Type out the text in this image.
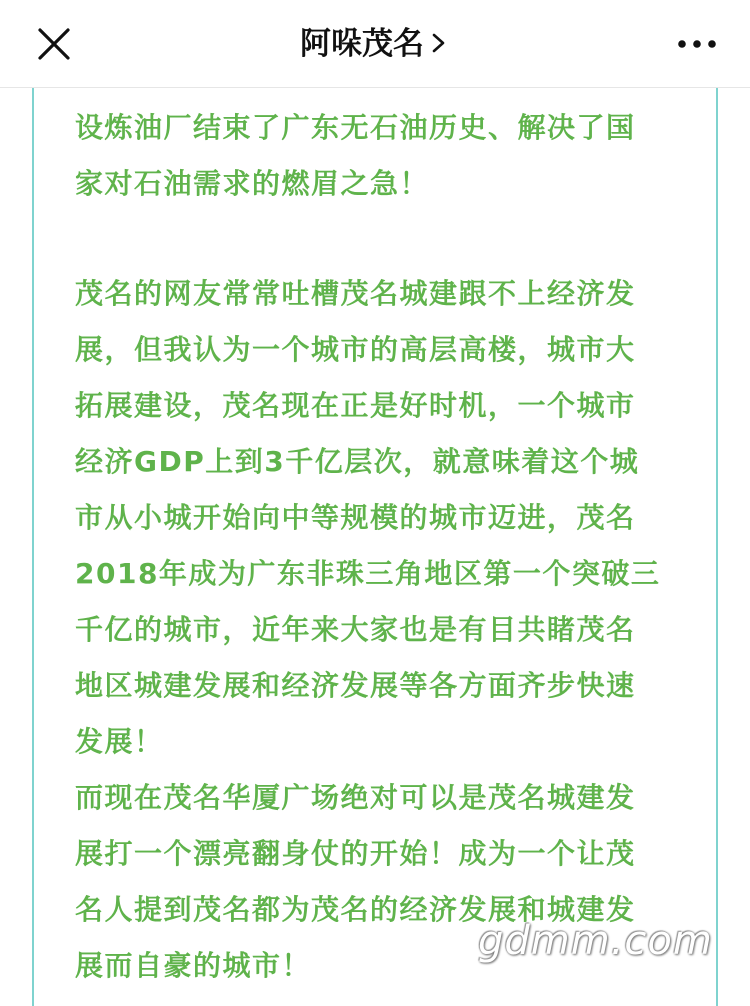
阿哚茂名

设炼油厂结束了广东无石油历史、解决了国
家对石油需求的燃眉之急！

茂名的网友常常吐槽茂名城建跟不上经济发
展，但我认为一个城市的高层高楼，城市大
拓展建设，茂名现在正是好时机，一个城市
经济GDP上到3千亿层次，就意味着这个城
市从小城开始向中等规模的城市迈进，茂名
2018年成为广东非珠三角地区第一个突破三
千亿的城市，近年来大家也是有目共睹茂名
地区城建发展和经济发展等各方面齐步快速
发展！

而现在茂名华厦广场绝对可以是茂名城建发
展打一个漂亮翻身仗的开始！成为一个让茂
名人提到茂名都为茂名的经济发展和城建发
展而自豪的城市！

gdmm.com
